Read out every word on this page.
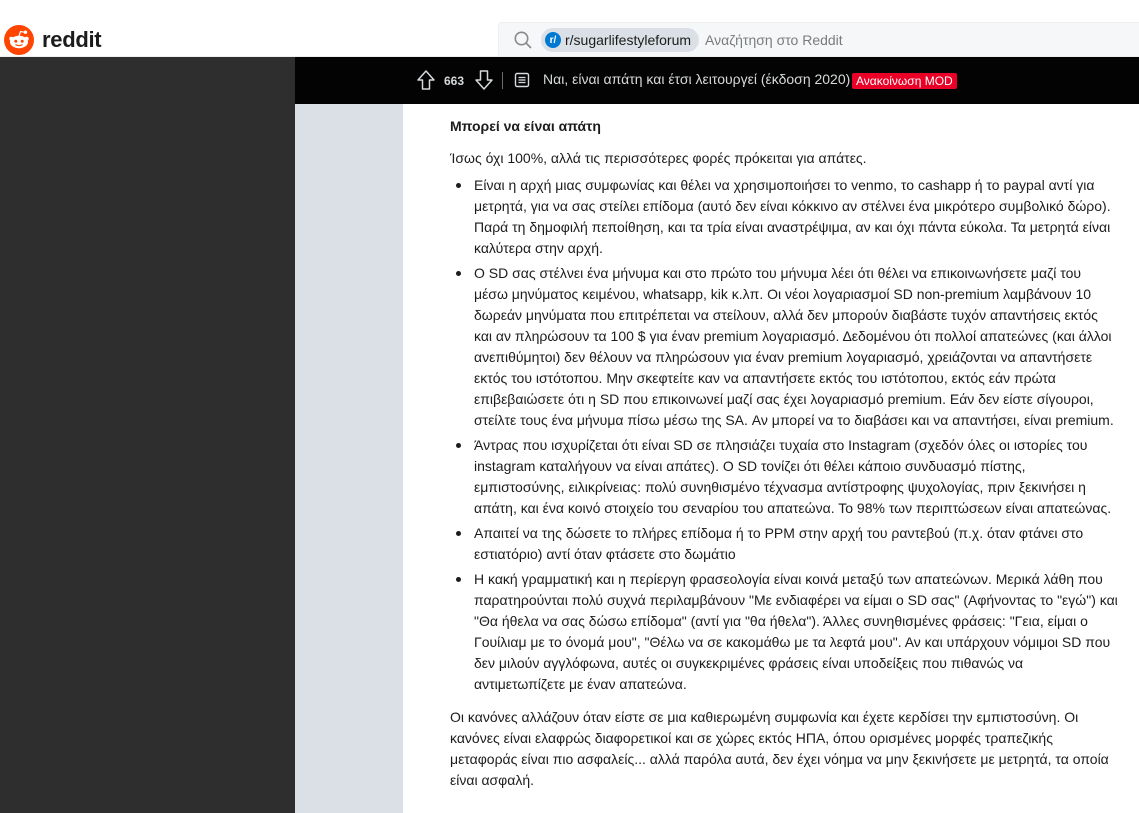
reddit	r/ r/sugarlifestyleforum Αναζήτηση στο Reddit
663	Ναι, είναι απάτη και έτσι λειτουργεί (έκδοση 2020) Ανακοίνωση MOD
Μπορεί να είναι απάτη

Ίσως όχι 100%, αλλά τις περισσότερες φορές πρόκειται για απάτες.

Είναι η αρχή μιας συμφωνίας και θέλει να χρησιμοποιήσει το venmo, το cashapp ή το paypal αντί για μετρητά, για να σας στείλει επίδομα (αυτό δεν είναι κόκκινο αν στέλνει ένα μικρότερο συμβολικό δώρο). Παρά τη δημοφιλή πεποίθηση, και τα τρία είναι αναστρέψιμα, αν και όχι πάντα εύκολα. Τα μετρητά είναι καλύτερα στην αρχή.
Ο SD σας στέλνει ένα μήνυμα και στο πρώτο του μήνυμα λέει ότι θέλει να επικοινωνήσετε μαζί του μέσω μηνύματος κειμένου, whatsapp, kik κ.λπ. Οι νέοι λογαριασμοί SD non-premium λαμβάνουν 10 δωρεάν μηνύματα που επιτρέπεται να στείλουν, αλλά δεν μπορούν διαβάστε τυχόν απαντήσεις εκτός και αν πληρώσουν τα 100 $ για έναν premium λογαριασμό. Δεδομένου ότι πολλοί απατεώνες (και άλλοι ανεπιθύμητοι) δεν θέλουν να πληρώσουν για έναν premium λογαριασμό, χρειάζονται να απαντήσετε εκτός του ιστότοπου. Μην σκεφτείτε καν να απαντήσετε εκτός του ιστότοπου, εκτός εάν πρώτα επιβεβαιώσετε ότι η SD που επικοινωνεί μαζί σας έχει λογαριασμό premium. Εάν δεν είστε σίγουροι, στείλτε τους ένα μήνυμα πίσω μέσω της SA. Αν μπορεί να το διαβάσει και να απαντήσει, είναι premium.
Άντρας που ισχυρίζεται ότι είναι SD σε πλησιάζει τυχαία στο Instagram (σχεδόν όλες οι ιστορίες του instagram καταλήγουν να είναι απάτες). Ο SD τονίζει ότι θέλει κάποιο συνδυασμό πίστης, εμπιστοσύνης, ειλικρίνειας: πολύ συνηθισμένο τέχνασμα αντίστροφης ψυχολογίας, πριν ξεκινήσει η απάτη, και ένα κοινό στοιχείο του σεναρίου του απατεώνα. Το 98% των περιπτώσεων είναι απατεώνας.
Απαιτεί να της δώσετε το πλήρες επίδομα ή το PPM στην αρχή του ραντεβού (π.χ. όταν φτάνει στο εστιατόριο) αντί όταν φτάσετε στο δωμάτιο
Η κακή γραμματική και η περίεργη φρασεολογία είναι κοινά μεταξύ των απατεώνων. Μερικά λάθη που παρατηρούνται πολύ συχνά περιλαμβάνουν "Με ενδιαφέρει να είμαι ο SD σας" (Αφήνοντας το "εγώ") και "Θα ήθελα να σας δώσω επίδομα" (αντί για "θα ήθελα"). Άλλες συνηθισμένες φράσεις: "Γεια, είμαι ο Γουίλιαμ με το όνομά μου", "Θέλω να σε κακομάθω με τα λεφτά μου". Αν και υπάρχουν νόμιμοι SD που δεν μιλούν αγγλόφωνα, αυτές οι συγκεκριμένες φράσεις είναι υποδείξεις που πιθανώς να αντιμετωπίζετε με έναν απατεώνα.

Οι κανόνες αλλάζουν όταν είστε σε μια καθιερωμένη συμφωνία και έχετε κερδίσει την εμπιστοσύνη. Οι κανόνες είναι ελαφρώς διαφορετικοί και σε χώρες εκτός ΗΠΑ, όπου ορισμένες μορφές τραπεζικής μεταφοράς είναι πιο ασφαλείς... αλλά παρόλα αυτά, δεν έχει νόημα να μην ξεκινήσετε με μετρητά, τα οποία είναι ασφαλή.
